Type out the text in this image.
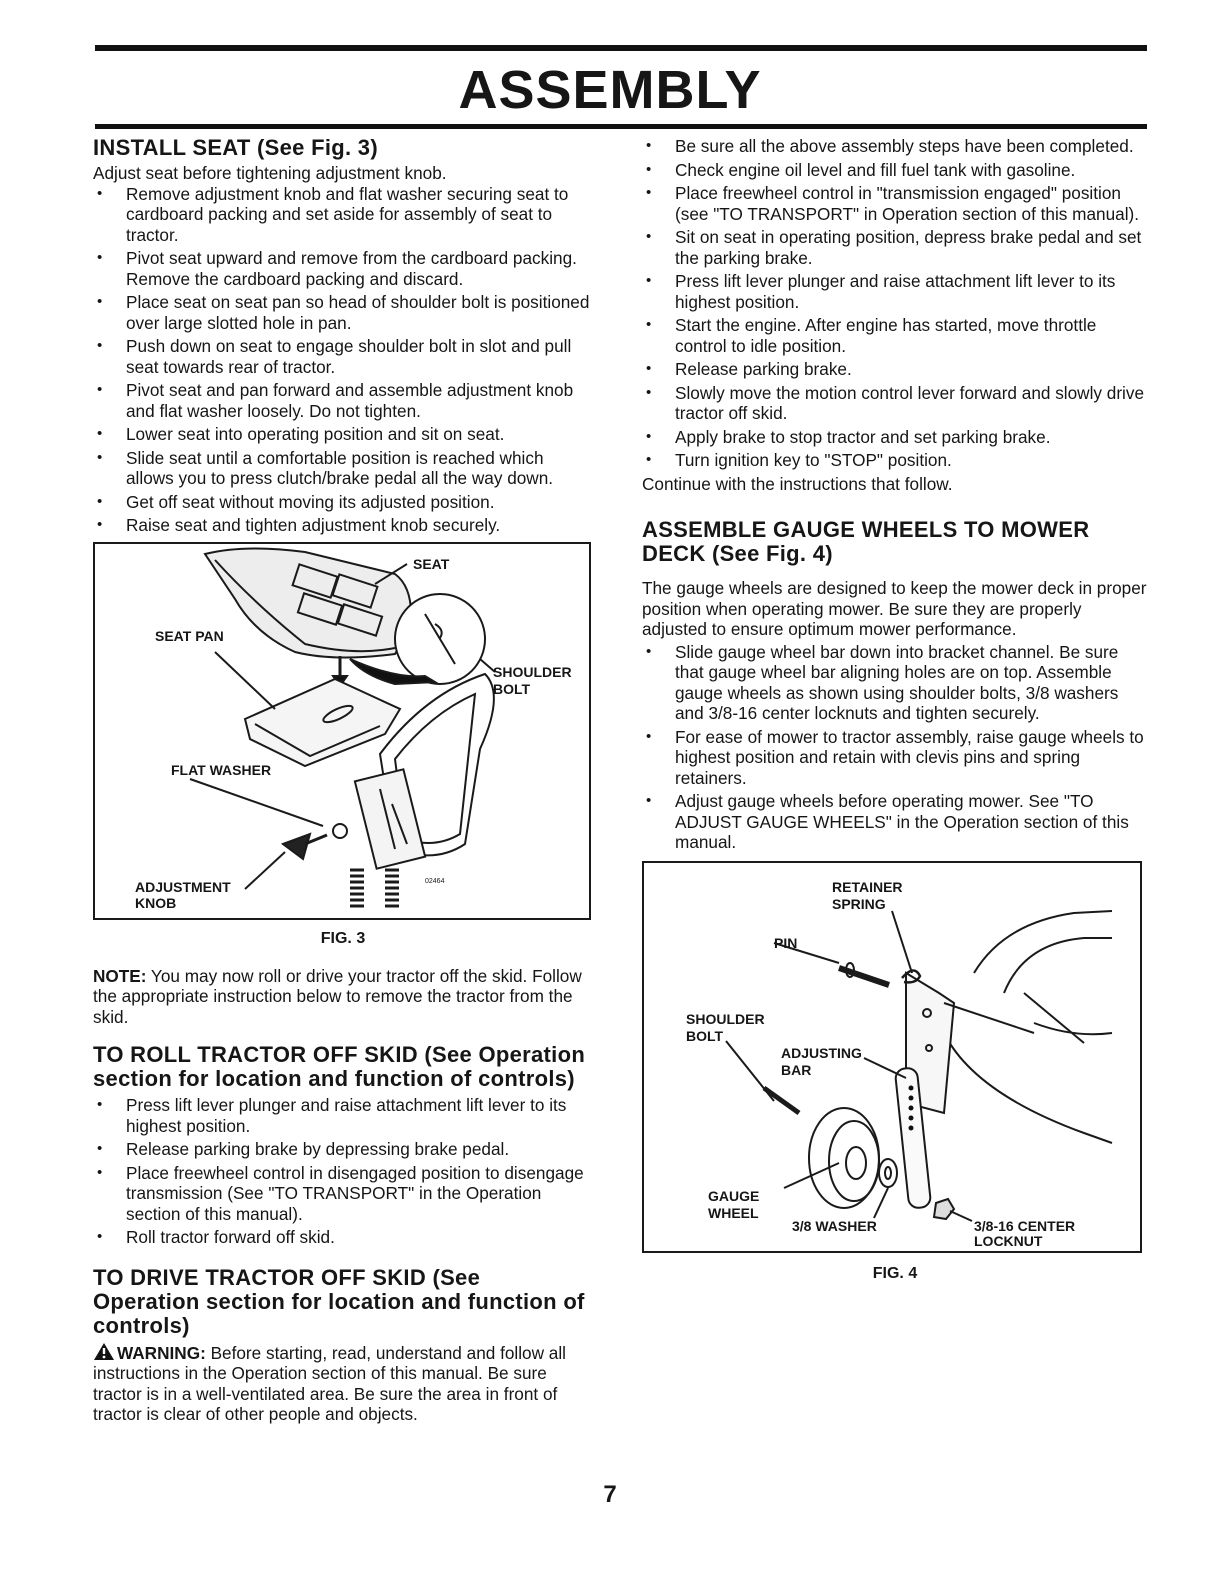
ASSEMBLY
INSTALL SEAT (See Fig. 3)

Adjust seat before tightening adjustment knob.

• Remove adjustment knob and flat washer securing seat to cardboard packing and set aside for assembly of seat to tractor.
• Pivot seat upward and remove from the cardboard packing. Remove the cardboard packing and discard.
• Place seat on seat pan so head of shoulder bolt is positioned over large slotted hole in pan.
• Push down on seat to engage shoulder bolt in slot and pull seat towards rear of tractor.
• Pivot seat and pan forward and assemble adjustment knob and flat washer loosely. Do not tighten.
• Lower seat into operating position and sit on seat.
• Slide seat until a comfortable position is reached which allows you to press clutch/brake pedal all the way down.
• Get off seat without moving its adjusted position.
• Raise seat and tighten adjustment knob securely.
SEAT
SEAT PAN
SHOULDER
BOLT
FLAT WASHER
ADJUSTMENT
KNOB
02464
FIG. 3

NOTE: You may now roll or drive your tractor off the skid. Follow the appropriate instruction below to remove the tractor from the skid.

TO ROLL TRACTOR OFF SKID (See Operation section for location and function of controls)
• Press lift lever plunger and raise attachment lift lever to its highest position.
• Release parking brake by depressing brake pedal.
• Place freewheel control in disengaged position to disengage transmission (See "TO TRANSPORT" in the Operation section of this manual).
• Roll tractor forward off skid.
TO DRIVE TRACTOR OFF SKID (See Operation section for location and function of controls)

WARNING: Before starting, read, understand and follow all instructions in the Operation section of this manual. Be sure tractor is in a well-ventilated area. Be sure the area in front of tractor is clear of other people and objects.

• Be sure all the above assembly steps have been completed.
• Check engine oil level and fill fuel tank with gasoline.
• Place freewheel control in "transmission engaged" position (see "TO TRANSPORT" in Operation section of this manual).
• Sit on seat in operating position, depress brake pedal and set the parking brake.
• Press lift lever plunger and raise attachment lift lever to its highest position.
• Start the engine. After engine has started, move throttle control to idle position.
• Release parking brake.
• Slowly move the motion control lever forward and slowly drive tractor off skid.
• Apply brake to stop tractor and set parking brake.
• Turn ignition key to "STOP" position.

Continue with the instructions that follow.

ASSEMBLE GAUGE WHEELS TO MOWER DECK (See Fig. 4)

The gauge wheels are designed to keep the mower deck in proper position when operating mower. Be sure they are properly adjusted to ensure optimum mower performance.

• Slide gauge wheel bar down into bracket channel. Be sure that gauge wheel bar aligning holes are on top. Assemble gauge wheels as shown using shoulder bolts, 3/8 washers and 3/8-16 center locknuts and tighten securely.
• For ease of mower to tractor assembly, raise gauge wheels to highest position and retain with clevis pins and spring retainers.
• Adjust gauge wheels before operating mower. See "TO ADJUST GAUGE WHEELS" in the Operation section of this manual.
RETAINER
SPRING
PIN
SHOULDER
BOLT
ADJUSTING
BAR
GAUGE
WHEEL
3/8 WASHER	3/8-16 CENTER
LOCKNUT
FIG. 4
7
